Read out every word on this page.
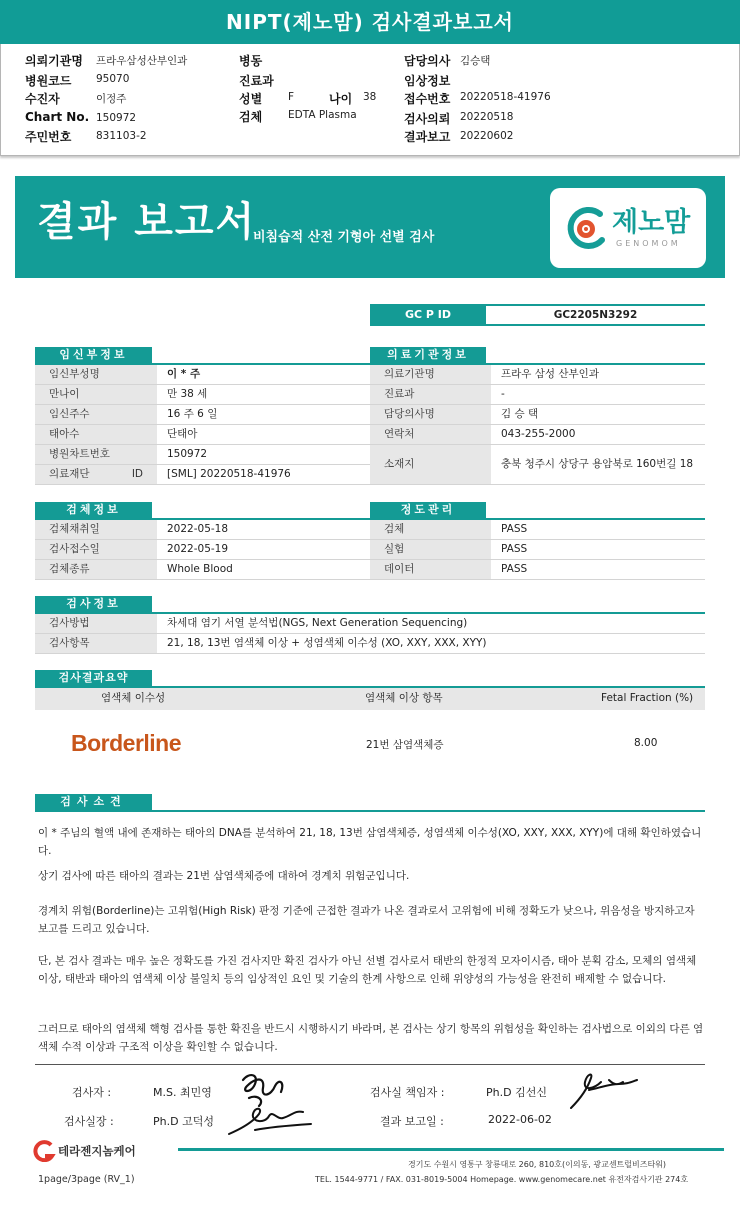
NIPT(제노맘) 검사결과보고서
의뢰기관명 프라우삼성산부인과
병원코드 95070
수진자	이정주
Chart No. 150972
주민번호 831103-2
병동
진료과
성별 F	나이 38
검체 EDTA Plasma
담당의사 김승택
임상정보
접수번호 20220518-41976
검사의뢰 20220518
결과보고 20220602
결과 보고서
비침습적 산전 기형아 선별 검사	제노맘
GENOMOM
GC P ID	GC2205N3292
임신부정보
임신부성명	이 * 주
만나이	만 38 세
임신주수	16 주 6 일
태아수	단태아
병원차트번호	150972
의료재단 ID	[SML] 20220518-41976
의료기관정보
의료기관명	프라우 삼성 산부인과
진료과	-
담당의사명	김 승 택
연락처	043-255-2000
소재지	충북 청주시 상당구 용암북로 160번길 18
검체정보
검체채취일	2022-05-18
검사접수일	2022-05-19
검체종류	Whole Blood
정도관리
검체	PASS
실험	PASS
데이터	PASS
검사정보
검사방법	차세대 염기 서열 분석법(NGS, Next Generation Sequencing)
검사항목	21, 18, 13번 염색체 이상 + 성염색체 이수성 (XO, XXY, XXX, XYY)
검사결과요약
염색체 이수성	염색체 이상 항목	Fetal Fraction (%)
Borderline	21번 삼염색체증	8.00
검사소견
이 * 주님의 혈액 내에 존재하는 태아의 DNA를 분석하여 21, 18, 13번 삼염색체증, 성염색체 이수성(XO, XXY, XXX, XYY)에 대해 확인하였습니다.
상기 검사에 따른 태아의 결과는 21번 삼염색체증에 대하여 경계치 위험군입니다.
경계치 위험(Borderline)는 고위험(High Risk) 판정 기준에 근접한 결과가 나온 결과로서 고위험에 비해 정확도가 낮으나, 위음성을 방지하고자 보고를 드리고 있습니다.
단, 본 검사 결과는 매우 높은 정확도를 가진 검사지만 확진 검사가 아닌 선별 검사로서 태반의 한정적 모자이시즘, 태아 분획 감소, 모체의 염색체 이상, 태반과 태아의 염색체 이상 불일치 등의 임상적인 요인 및 기술의 한계 사항으로 인해 위양성의 가능성을 완전히 배제할 수 없습니다.
그러므로 태아의 염색체 핵형 검사를 통한 확진을 반드시 시행하시기 바라며, 본 검사는 상기 항목의 위험성을 확인하는 검사법으로 이외의 다른 염색체 수적 이상과 구조적 이상을 확인할 수 없습니다.
검사자 :	M.S. 최민영
검사실장 :	Ph.D 고덕성
검사실 책임자 :	Ph.D 김선신
결과 보고일 :	2022-06-02
테라젠지놈케어
경기도 수원시 영통구 창룡대로 260, 810호(이의동, 광교센트럴비즈타워)
TEL. 1544-9771 / FAX. 031-8019-5004 Homepage. www.genomecare.net 유전자검사기관 274호
1page/3page (RV_1)
